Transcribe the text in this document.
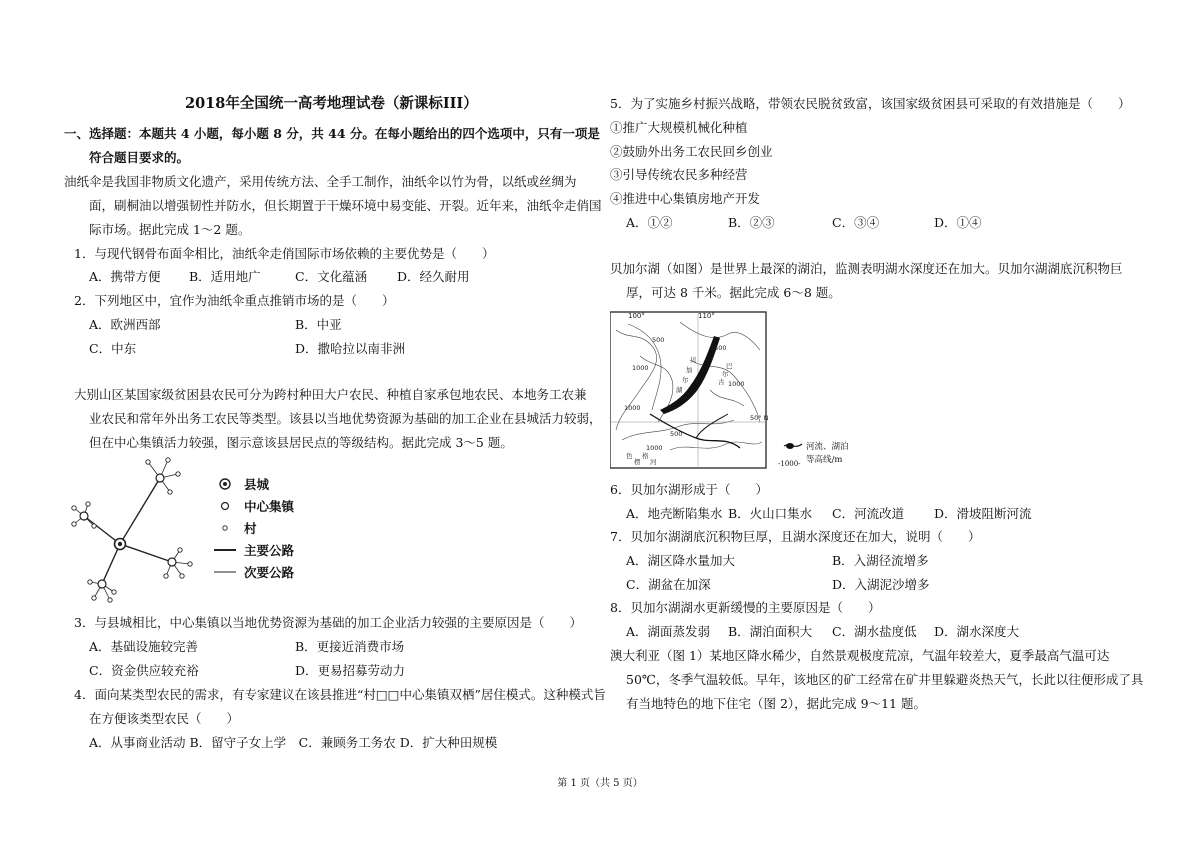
2018年全国统一高考地理试卷（新课标III）
一、选择题：本题共 4 小题，每小题 8 分，共 44 分。在每小题给出的四个选项中，只有一项是
符合题目要求的。
油纸伞是我国非物质文化遗产，采用传统方法、全手工制作，油纸伞以竹为骨，以纸或丝绸为
面，刷桐油以增强韧性并防水，但长期置于干燥环境中易变能、开裂。近年来，油纸伞走俏国
际市场。据此完成 1～2 题。
1．与现代钢骨布面伞相比，油纸伞走俏国际市场依赖的主要优势是（　　）
A．携带方便 B．适用地广	C．文化蕴涵 D．经久耐用
2．下列地区中，宜作为油纸伞重点推销市场的是（　　）
A．欧洲西部	B．中亚
C．中东	D．撒哈拉以南非洲
大别山区某国家级贫困县农民可分为跨村种田大户农民、种植自家承包地农民、本地务工农兼
业农民和常年外出务工农民等类型。该县以当地优势资源为基础的加工企业在县城活力较弱，
但在中心集镇活力较强，图示意该县居民点的等级结构。据此完成 3～5 题。
县城
中心集镇
村
主要公路
次要公路
3．与县城相比，中心集镇以当地优势资源为基础的加工企业活力较强的主要原因是（　　）
A．基础设施较完善	B．更接近消费市场
C．资金供应较充裕	D．更易招募劳动力
4．面向某类型农民的需求，有专家建议在该县推进“村□□中心集镇双栖”居住模式。这种模式旨
在方便该类型农民（　　）
A．从事商业活动 B．留守子女上学　C．兼顾务工务农 D．扩大种田规模
5．为了实施乡村振兴战略，带领农民脱贫致富，该国家级贫困县可采取的有效措施是（　　）
①推广大规模机械化种植
②鼓励外出务工农民回乡创业
③引导传统农民多种经营
④推进中心集镇房地产开发
A．①②	B．②③	C．③④	D．①④
贝加尔湖（如图）是世界上最深的湖泊，监测表明湖水深度还在加大。贝加尔湖湖底沉积物巨
厚，可达 8 千米。据此完成 6～8 题。
100°	110°
500
1000
1500
1000
1000
500
1000
贝
加
尔
湖
巴
尔
古
色
楞
格
河
50° N
河流、湖泊
等高线/m
-1000-
6．贝加尔湖形成于（　　）
A．地壳断陷集水 B．火山口集水 C．河流改道 D．滑坡阻断河流
7．贝加尔湖湖底沉积物巨厚，且湖水深度还在加大，说明（　　）
A．湖区降水量加大	B．入湖径流增多
C．湖盆在加深	D．入湖泥沙增多
8．贝加尔湖湖水更新缓慢的主要原因是（　　）
A．湖面蒸发弱 B．湖泊面积大 C．湖水盐度低 D．湖水深度大
澳大利亚（图 1）某地区降水稀少，自然景观极度荒凉，气温年较差大，夏季最高气温可达
50℃，冬季气温较低。早年，该地区的矿工经常在矿井里躲避炎热天气，长此以往便形成了具
有当地特色的地下住宅（图 2），据此完成 9～11 题。
第 1 页（共 5 页）
